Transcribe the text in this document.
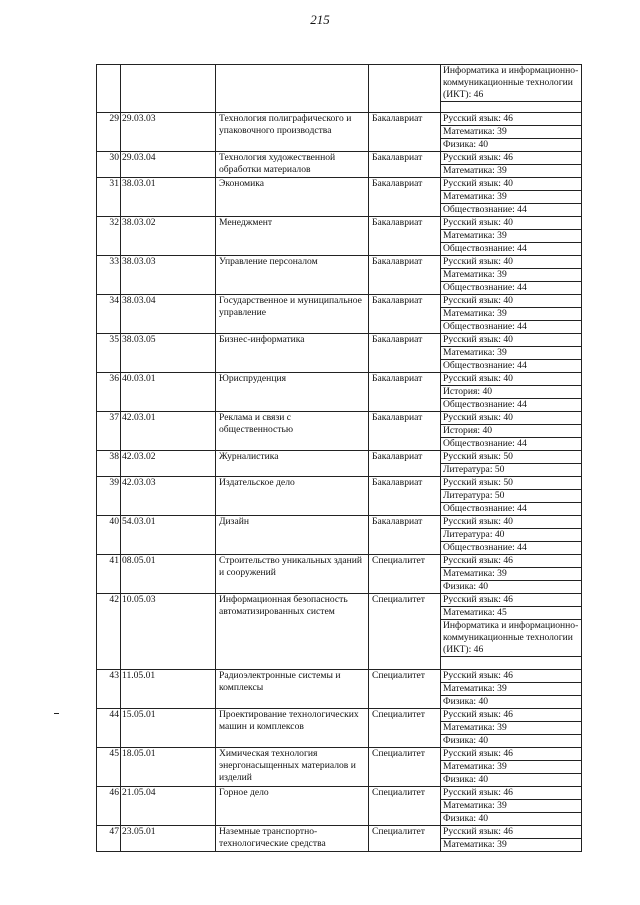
215
				Информатика и информационно-коммуникационные технологии (ИКТ): 46

29	29.03.03	Технология полиграфического и упаковочного производства	Бакалавриат	Русский язык: 46
				Математика: 39
				Физика: 40
30	29.03.04	Технология художественной обработки материалов	Бакалавриат	Русский язык: 46
				Математика: 39
31	38.03.01	Экономика	Бакалавриат	Русский язык: 40
				Математика: 39
				Обществознание: 44
32	38.03.02	Менеджмент	Бакалавриат	Русский язык: 40
				Математика: 39
				Обществознание: 44
33	38.03.03	Управление персоналом	Бакалавриат	Русский язык: 40
				Математика: 39
				Обществознание: 44
34	38.03.04	Государственное и муниципальное управление	Бакалавриат	Русский язык: 40
				Математика: 39
				Обществознание: 44
35	38.03.05	Бизнес-информатика	Бакалавриат	Русский язык: 40
				Математика: 39
				Обществознание: 44
36	40.03.01	Юриспруденция	Бакалавриат	Русский язык: 40
				История: 40
				Обществознание: 44
37	42.03.01	Реклама и связи с общественностью	Бакалавриат	Русский язык: 40
				История: 40
				Обществознание: 44
38	42.03.02	Журналистика	Бакалавриат	Русский язык: 50
				Литература: 50
39	42.03.03	Издательское дело	Бакалавриат	Русский язык: 50
				Литература: 50
				Обществознание: 44
40	54.03.01	Дизайн	Бакалавриат	Русский язык: 40
				Литература: 40
				Обществознание: 44
41	08.05.01	Строительство уникальных зданий и сооружений	Специалитет	Русский язык: 46
				Математика: 39
				Физика: 40
42	10.05.03	Информационная безопасность автоматизированных систем	Специалитет	Русский язык: 46
				Математика: 45
				Информатика и информационно-коммуникационные технологии (ИКТ): 46

43	11.05.01	Радиоэлектронные системы и комплексы	Специалитет	Русский язык: 46
				Математика: 39
				Физика: 40
44	15.05.01	Проектирование технологических машин и комплексов	Специалитет	Русский язык: 46
				Математика: 39
				Физика: 40
45	18.05.01	Химическая технология энергонасыщенных материалов и изделий	Специалитет	Русский язык: 46
				Математика: 39
				Физика: 40
46	21.05.04	Горное дело	Специалитет	Русский язык: 46
				Математика: 39
				Физика: 40
47	23.05.01	Наземные транспортно-технологические средства	Специалитет	Русский язык: 46
				Математика: 39
